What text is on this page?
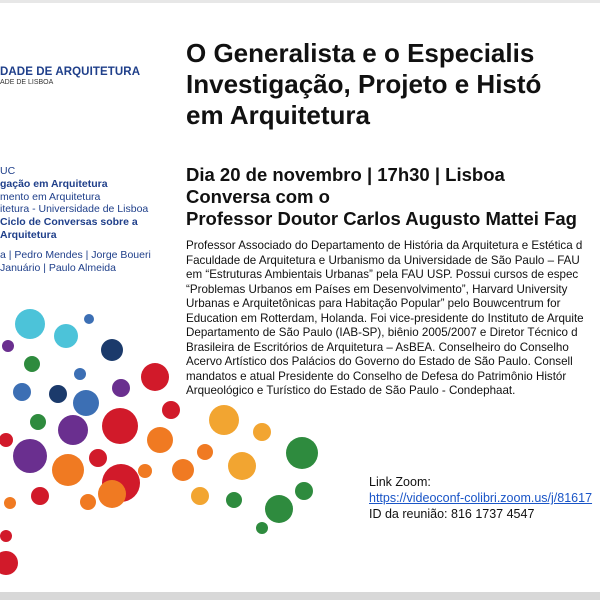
DADE DE ARQUITETURA
ADE DE LISBOA
UC
gação em Arquitetura
mento em Arquitetura
itetura - Universidade de Lisboa
Ciclo de Conversas sobre a
Arquitetura
a | Pedro Mendes | Jorge Boueri
Januário | Paulo Almeida
O Generalista e o Especialis
Investigação, Projeto e Histó
em Arquitetura
Dia 20 de novembro | 17h30 | Lisboa
Conversa com o
Professor Doutor Carlos Augusto Mattei Fag
Professor Associado do Departamento de História da Arquitetura e Estética d
Faculdade de Arquitetura e Urbanismo da Universidade de São Paulo – FAU
em “Estruturas Ambientais Urbanas” pela FAU USP. Possui cursos de espec
“Problemas Urbanos em Países em Desenvolvimento”, Harvard University
Urbanas e Arquitetônicas para Habitação Popular” pelo Bouwcentrum for
Education em Rotterdam, Holanda. Foi vice-presidente do Instituto de Arquite
Departamento de São Paulo (IAB-SP), biênio 2005/2007 e Diretor Técnico d
Brasileira de Escritórios de Arquitetura – AsBEA. Conselheiro do Conselho
Acervo Artístico dos Palácios do Governo do Estado de São Paulo. Consell
mandatos e atual Presidente do Conselho de Defesa do Patrimônio Histór
Arqueológico e Turístico do Estado de São Paulo - Condephaat.
Link Zoom:
https://videoconf-colibri.zoom.us/j/81617
ID da reunião: 816 1737 4547
